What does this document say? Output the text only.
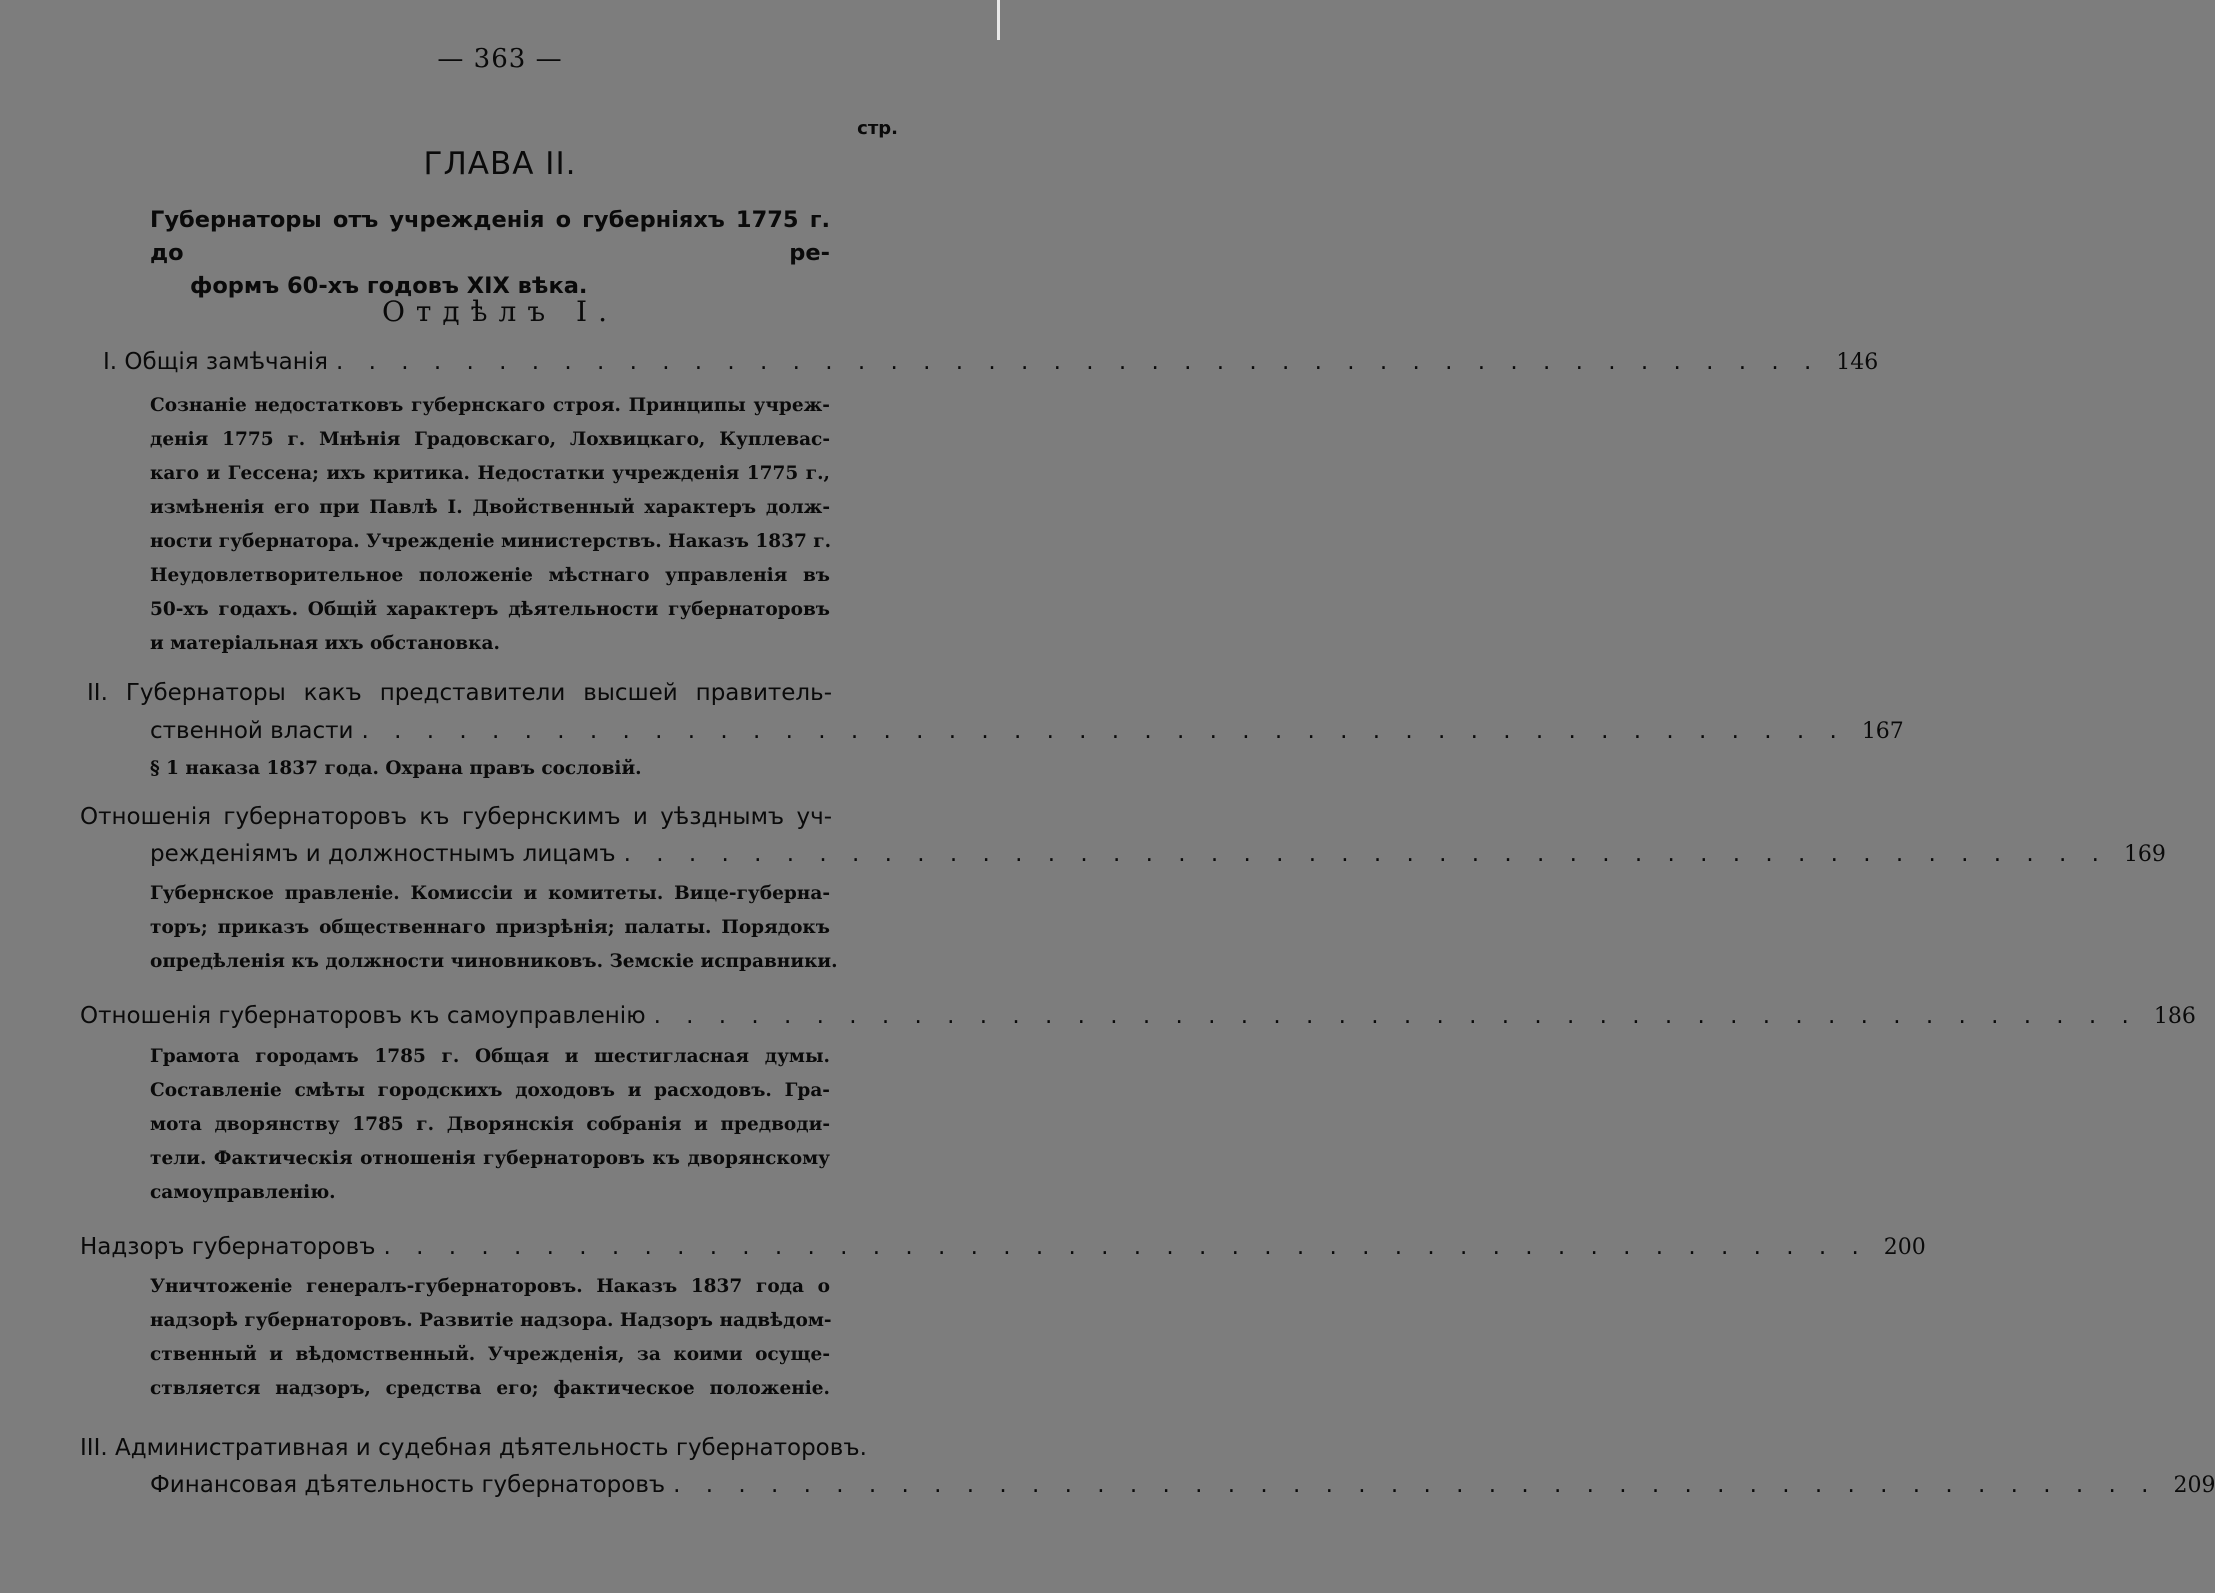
— 363 —
стр.
ГЛАВА II.
Губернаторы отъ учрежденія о губерніяхъ 1775 г. до ре-
формъ 60-хъ годовъ XIX вѣка.
Отдѣлъ I.
I. Общія замѣчанія . . . . . . . . . . . . . . . . . . . . . . . . . . . . . . . . . . . . . . . . . . . . . . 146
Сознаніе недостатковъ губернскаго строя. Принципы учреж-
денія 1775 г. Мнѣнія Градовскаго, Лохвицкаго, Куплевас-
каго и Гессена; ихъ критика. Недостатки учрежденія 1775 г.,
измѣненія его при Павлѣ I. Двойственный характеръ долж-
ности губернатора. Учрежденіе министерствъ. Наказъ 1837 г.
Неудовлетворительное положеніе мѣстнаго управленія въ
50-хъ годахъ. Общій характеръ дѣятельности губернаторовъ
и матеріальная ихъ обстановка.
II. Губернаторы какъ представители высшей правитель-
ственной власти . . . . . . . . . . . . . . . . . . . . . . . . . . . . . . . . . . . . . . . . . . . . . . 167
§ 1 наказа 1837 года. Охрана правъ сословій.
Отношенія губернаторовъ къ губернскимъ и уѣзднымъ уч-
режденіямъ и должностнымъ лицамъ . . . . . . . . . . . . . . . . . . . . . . . . . . . . . . . . . . . . . . . . . . . . . . 169
Губернское правленіе. Комиссіи и комитеты. Вице-губерна-
торъ; приказъ общественнаго призрѣнія; палаты. Порядокъ
опредѣленія къ должности чиновниковъ. Земскіе исправники.
Отношенія губернаторовъ къ самоуправленію . . . . . . . . . . . . . . . . . . . . . . . . . . . . . . . . . . . . . . . . . . . . . . 186
Грамота городамъ 1785 г. Общая и шестигласная думы.
Составленіе смѣты городскихъ доходовъ и расходовъ. Гра-
мота дворянству 1785 г. Дворянскія собранія и предводи-
тели. Фактическія отношенія губернаторовъ къ дворянскому
самоуправленію.
Надзоръ губернаторовъ . . . . . . . . . . . . . . . . . . . . . . . . . . . . . . . . . . . . . . . . . . . . . . 200
Уничтоженіе генералъ-губернаторовъ. Наказъ 1837 года о
надзорѣ губернаторовъ. Развитіе надзора. Надзоръ надвѣдом-
ственный и вѣдомственный. Учрежденія, за коими осуще-
ствляется надзоръ, средства его; фактическое положеніе.
III. Административная и судебная дѣятельность губернаторовъ.
Финансовая дѣятельность губернаторовъ . . . . . . . . . . . . . . . . . . . . . . . . . . . . . . . . . . . . . . . . . . . . . . 209
